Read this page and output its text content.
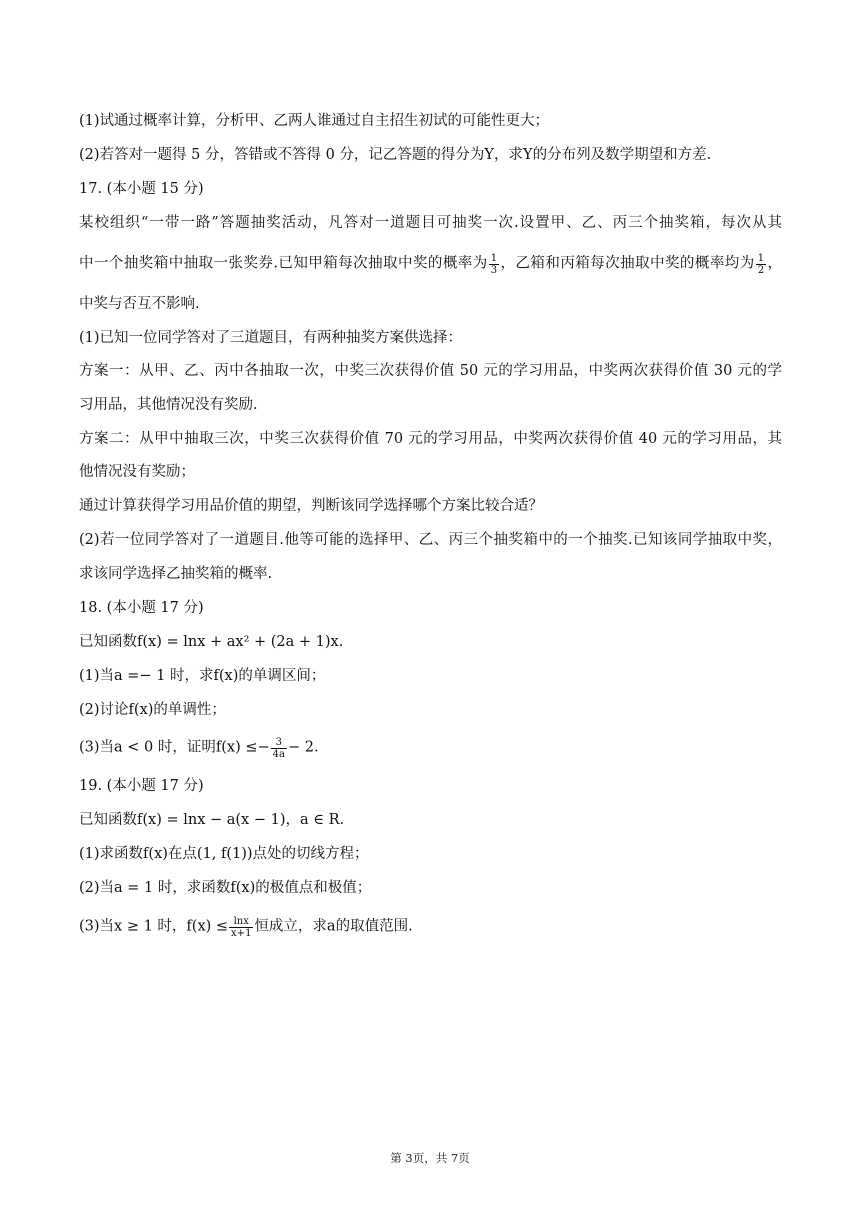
(1)试通过概率计算，分析甲、乙两人谁通过自主招生初试的可能性更大；
(2)若答对一题得 5 分，答错或不答得 0 分，记乙答题的得分为Y，求Y的分布列及数学期望和方差.
17. (本小题 15 分)
某校组织“一带一路”答题抽奖活动，凡答对一道题目可抽奖一次.设置甲、乙、丙三个抽奖箱，每次从其
中一个抽奖箱中抽取一张奖券.已知甲箱每次抽取中奖的概率为 $\frac{1}{3}$ ，乙箱和丙箱每次抽取中奖的概率均为 $\frac{1}{2}$ ，
中奖与否互不影响.
(1)已知一位同学答对了三道题目，有两种抽奖方案供选择：
方案一：从甲、乙、丙中各抽取一次，中奖三次获得价值 50 元的学习用品，中奖两次获得价值 30 元的学
习用品，其他情况没有奖励.
方案二：从甲中抽取三次，中奖三次获得价值 70 元的学习用品，中奖两次获得价值 40 元的学习用品，其
他情况没有奖励；
通过计算获得学习用品价值的期望，判断该同学选择哪个方案比较合适？
(2)若一位同学答对了一道题目.他等可能的选择甲、乙、丙三个抽奖箱中的一个抽奖.已知该同学抽取中奖，
求该同学选择乙抽奖箱的概率.
18. (本小题 17 分)
已知函数f(x) = lnx + ax² + (2a + 1)x.
(1)当a =− 1 时，求f(x)的单调区间；
(2)讨论f(x)的单调性；
(3)当a < 0 时，证明$f(x) \le- \frac{3}{4a} - 2$.
19. (本小题 17 分)
已知函数f(x) = lnx − a(x − 1)，a ∈ R.
(1)求函数f(x)在点(1, f(1))点处的切线方程；
(2)当a = 1 时，求函数f(x)的极值点和极值；
(3)当x ≥ 1 时，$f(x) \le \frac{\ln x}{x+1}$ 恒成立，求a的取值范围.
第 3页，共 7页
